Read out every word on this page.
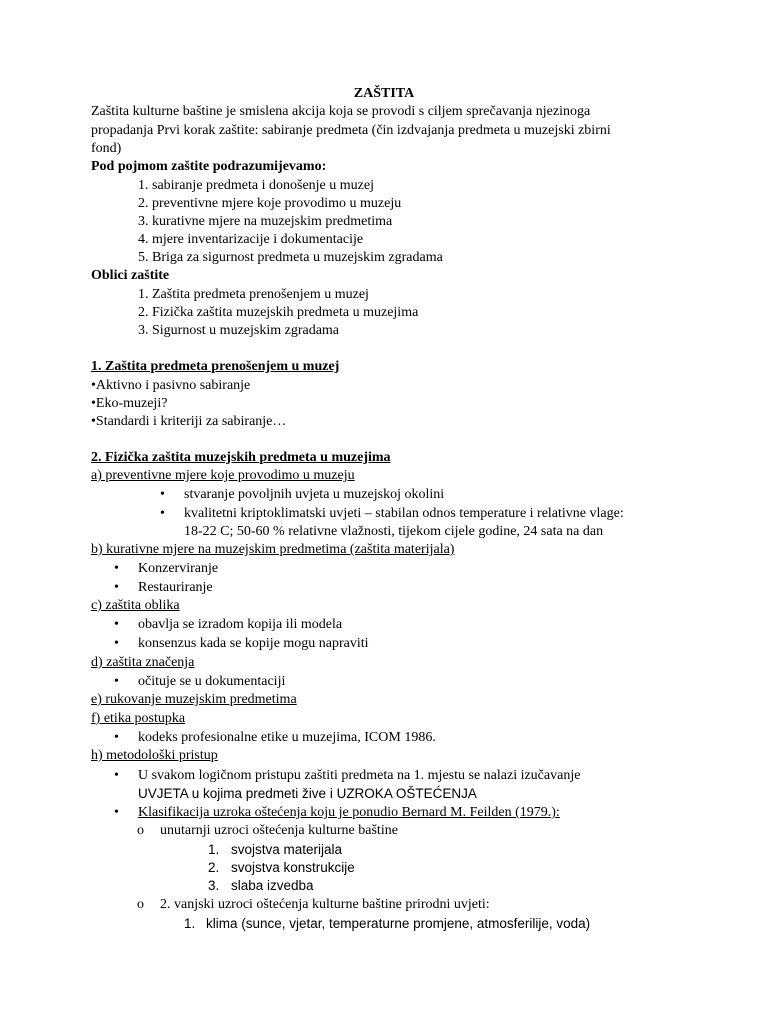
ZAŠTITA
Zaštita kulturne baštine je smislena akcija koja se provodi s ciljem sprečavanja njezinoga
propadanja Prvi korak zaštite: sabiranje predmeta (čin izdvajanja predmeta u muzejski zbirni
fond)
Pod pojmom zaštite podrazumijevamo:
1. sabiranje predmeta i donošenje u muzej
2. preventivne mjere koje provodimo u muzeju
3. kurativne mjere na muzejskim predmetima
4. mjere inventarizacije i dokumentacije
5. Briga za sigurnost predmeta u muzejskim zgradama
Oblici zaštite
1. Zaštita predmeta prenošenjem u muzej
2. Fizička zaštita muzejskih predmeta u muzejima
3. Sigurnost u muzejskim zgradama
1. Zaštita predmeta prenošenjem u muzej
•Aktivno i pasivno sabiranje
•Eko-muzeji?
•Standardi i kriteriji za sabiranje…
2. Fizička zaštita muzejskih predmeta u muzejima
a) preventivne mjere koje provodimo u muzeju
• stvaranje povoljnih uvjeta u muzejskoj okolini
• kvalitetni kriptoklimatski uvjeti – stabilan odnos temperature i relativne vlage:
18-22 C; 50-60 % relativne vlažnosti, tijekom cijele godine, 24 sata na dan
b) kurativne mjere na muzejskim predmetima (zaštita materijala)
• Konzerviranje
• Restauriranje
c) zaštita oblika
• obavlja se izradom kopija ili modela
• konsenzus kada se kopije mogu napraviti
d) zaštita značenja
• očituje se u dokumentaciji
e) rukovanje muzejskim predmetima
f) etika postupka
• kodeks profesionalne etike u muzejima, ICOM 1986.
h) metodološki pristup
• U svakom logičnom pristupu zaštiti predmeta na 1. mjestu se nalazi izučavanje
UVJETA u kojima predmeti žive i UZROKA OŠTEĆENJA
• Klasifikacija uzroka oštećenja koju je ponudio Bernard M. Feilden (1979.):
o unutarnji uzroci oštećenja kulturne baštine
1. svojstva materijala
2. svojstva konstrukcije
3. slaba izvedba
o 2. vanjski uzroci oštećenja kulturne baštine prirodni uvjeti:
1. klima (sunce, vjetar, temperaturne promjene, atmosferilije, voda)
